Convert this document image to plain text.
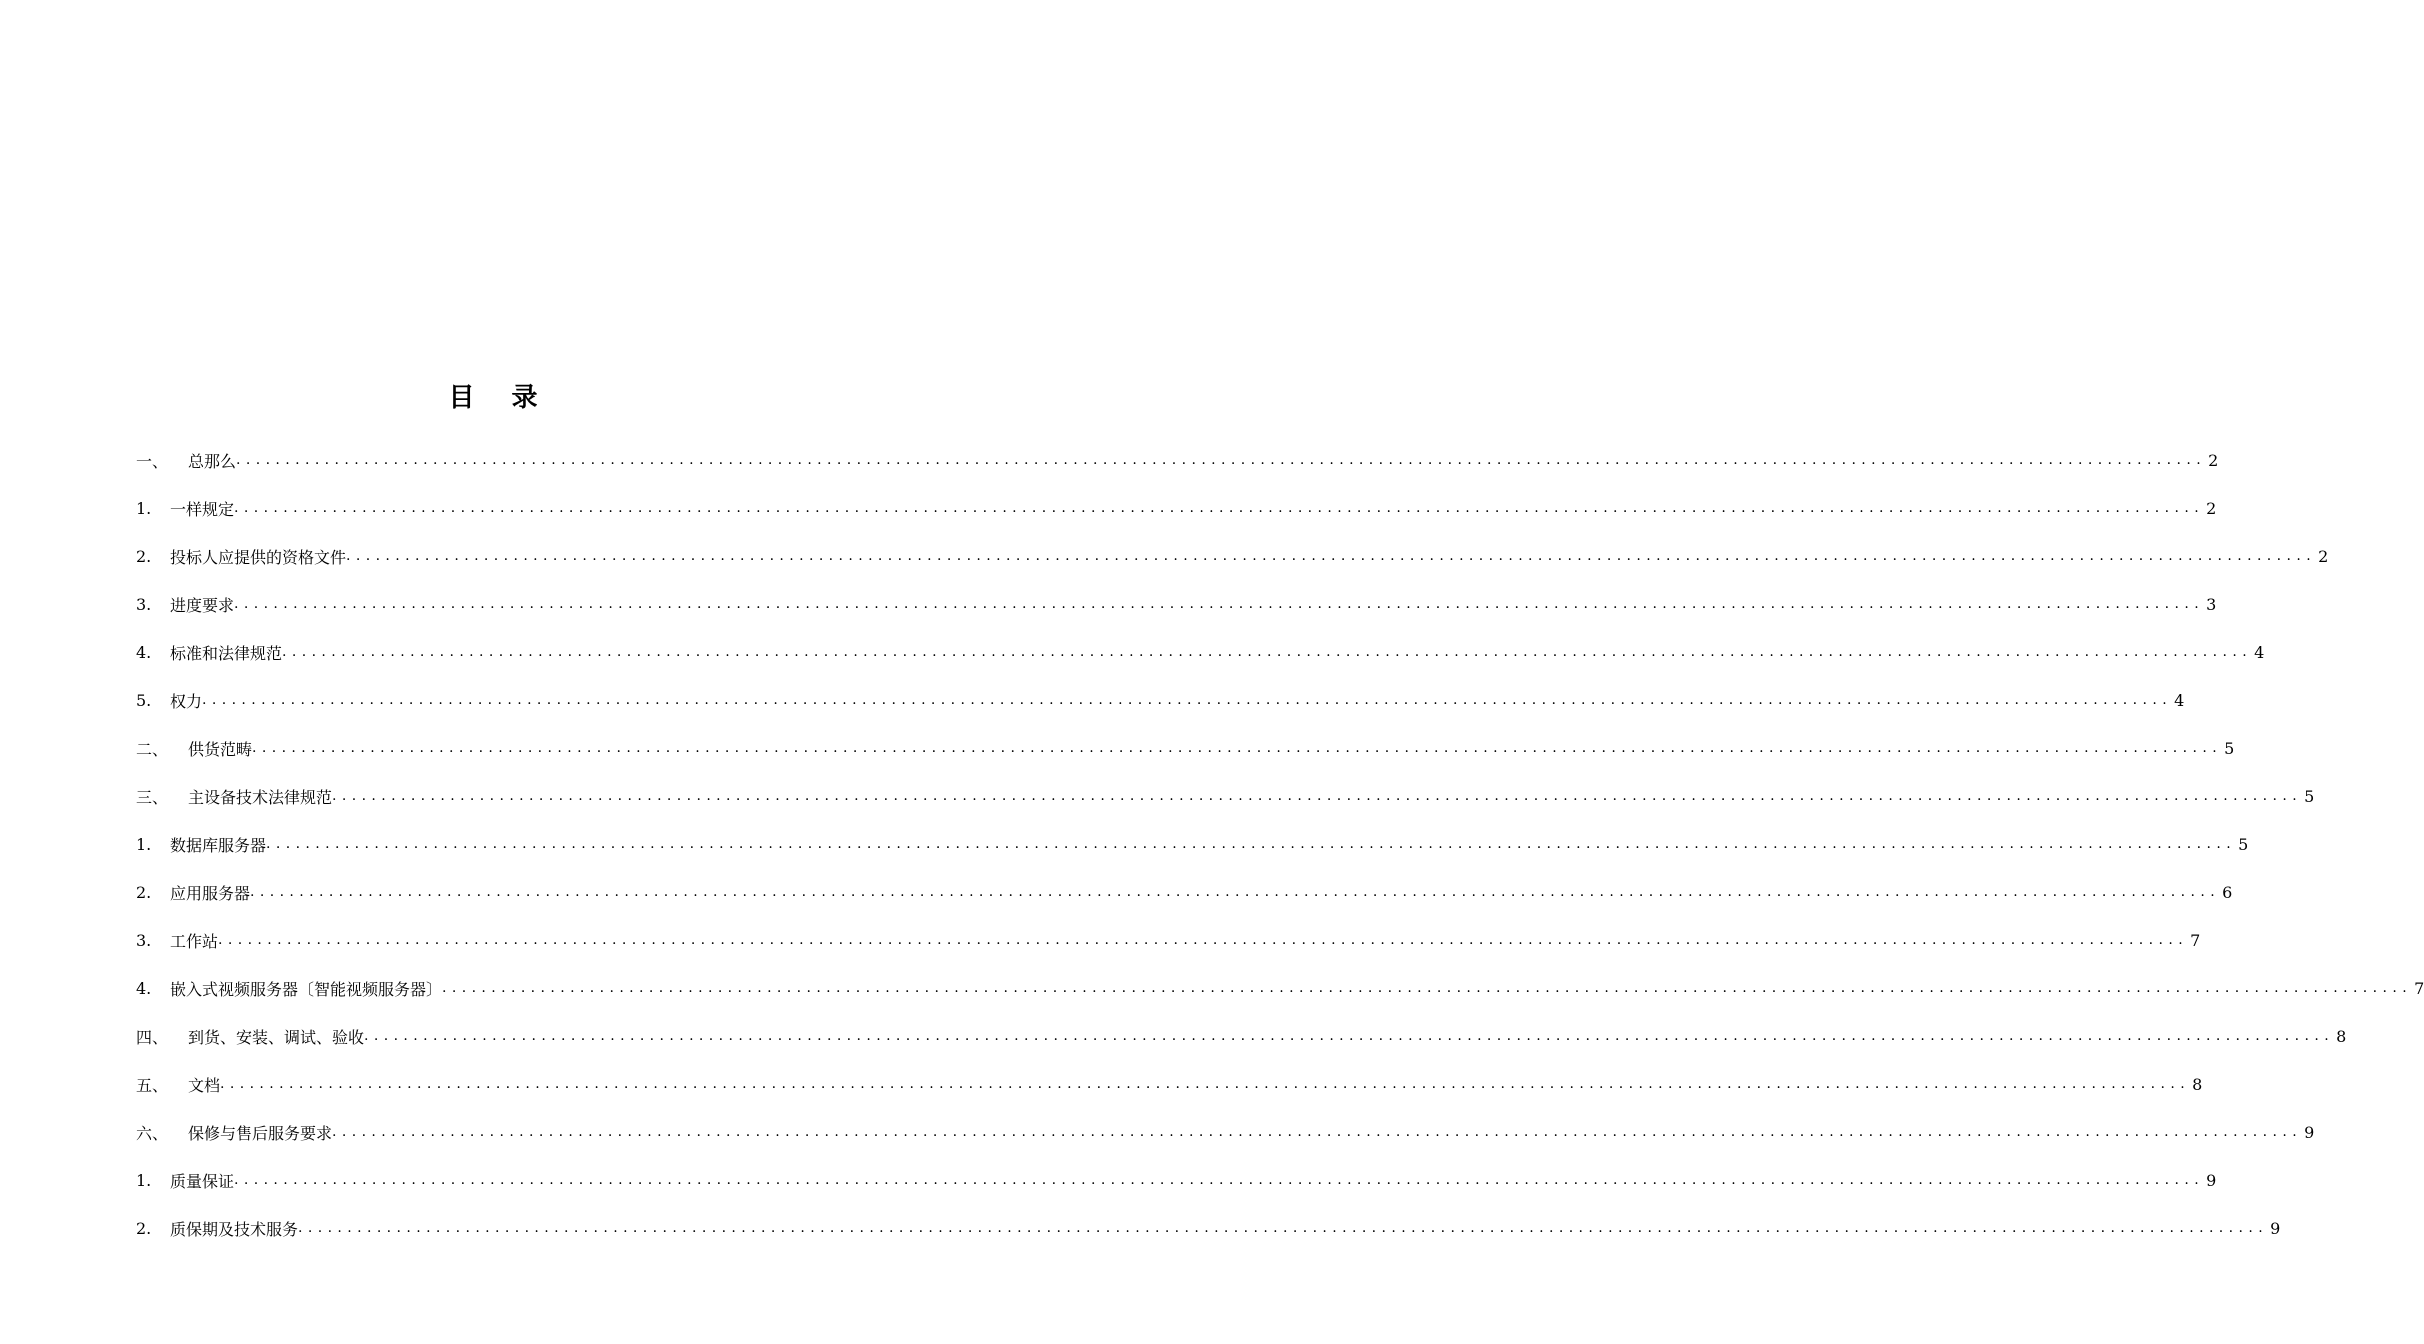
目 录
一、	总那么 ........................................................................................................................................................................................................ 2
1.	一样规定 ........................................................................................................................................................................................................ 2
2.	投标人应提供的资格文件 ........................................................................................................................................................................................................ 2
3.	进度要求 ........................................................................................................................................................................................................ 3
4.	标准和法律规范 ........................................................................................................................................................................................................ 4
5.	权力 ........................................................................................................................................................................................................ 4
二、	供货范畴 ........................................................................................................................................................................................................ 5
三、	主设备技术法律规范 ........................................................................................................................................................................................................ 5
1.	数据库服务器 ........................................................................................................................................................................................................ 5
2.	应用服务器 ........................................................................................................................................................................................................ 6
3.	工作站 ........................................................................................................................................................................................................ 7
4.	嵌入式视频服务器〔智能视频服务器〕 ........................................................................................................................................................................................................ 7
四、	到货、安装、调试、验收 ........................................................................................................................................................................................................ 8
五、	文档 ........................................................................................................................................................................................................ 8
六、	保修与售后服务要求 ........................................................................................................................................................................................................ 9
1.	质量保证 ........................................................................................................................................................................................................ 9
2.	质保期及技术服务 ........................................................................................................................................................................................................ 9
